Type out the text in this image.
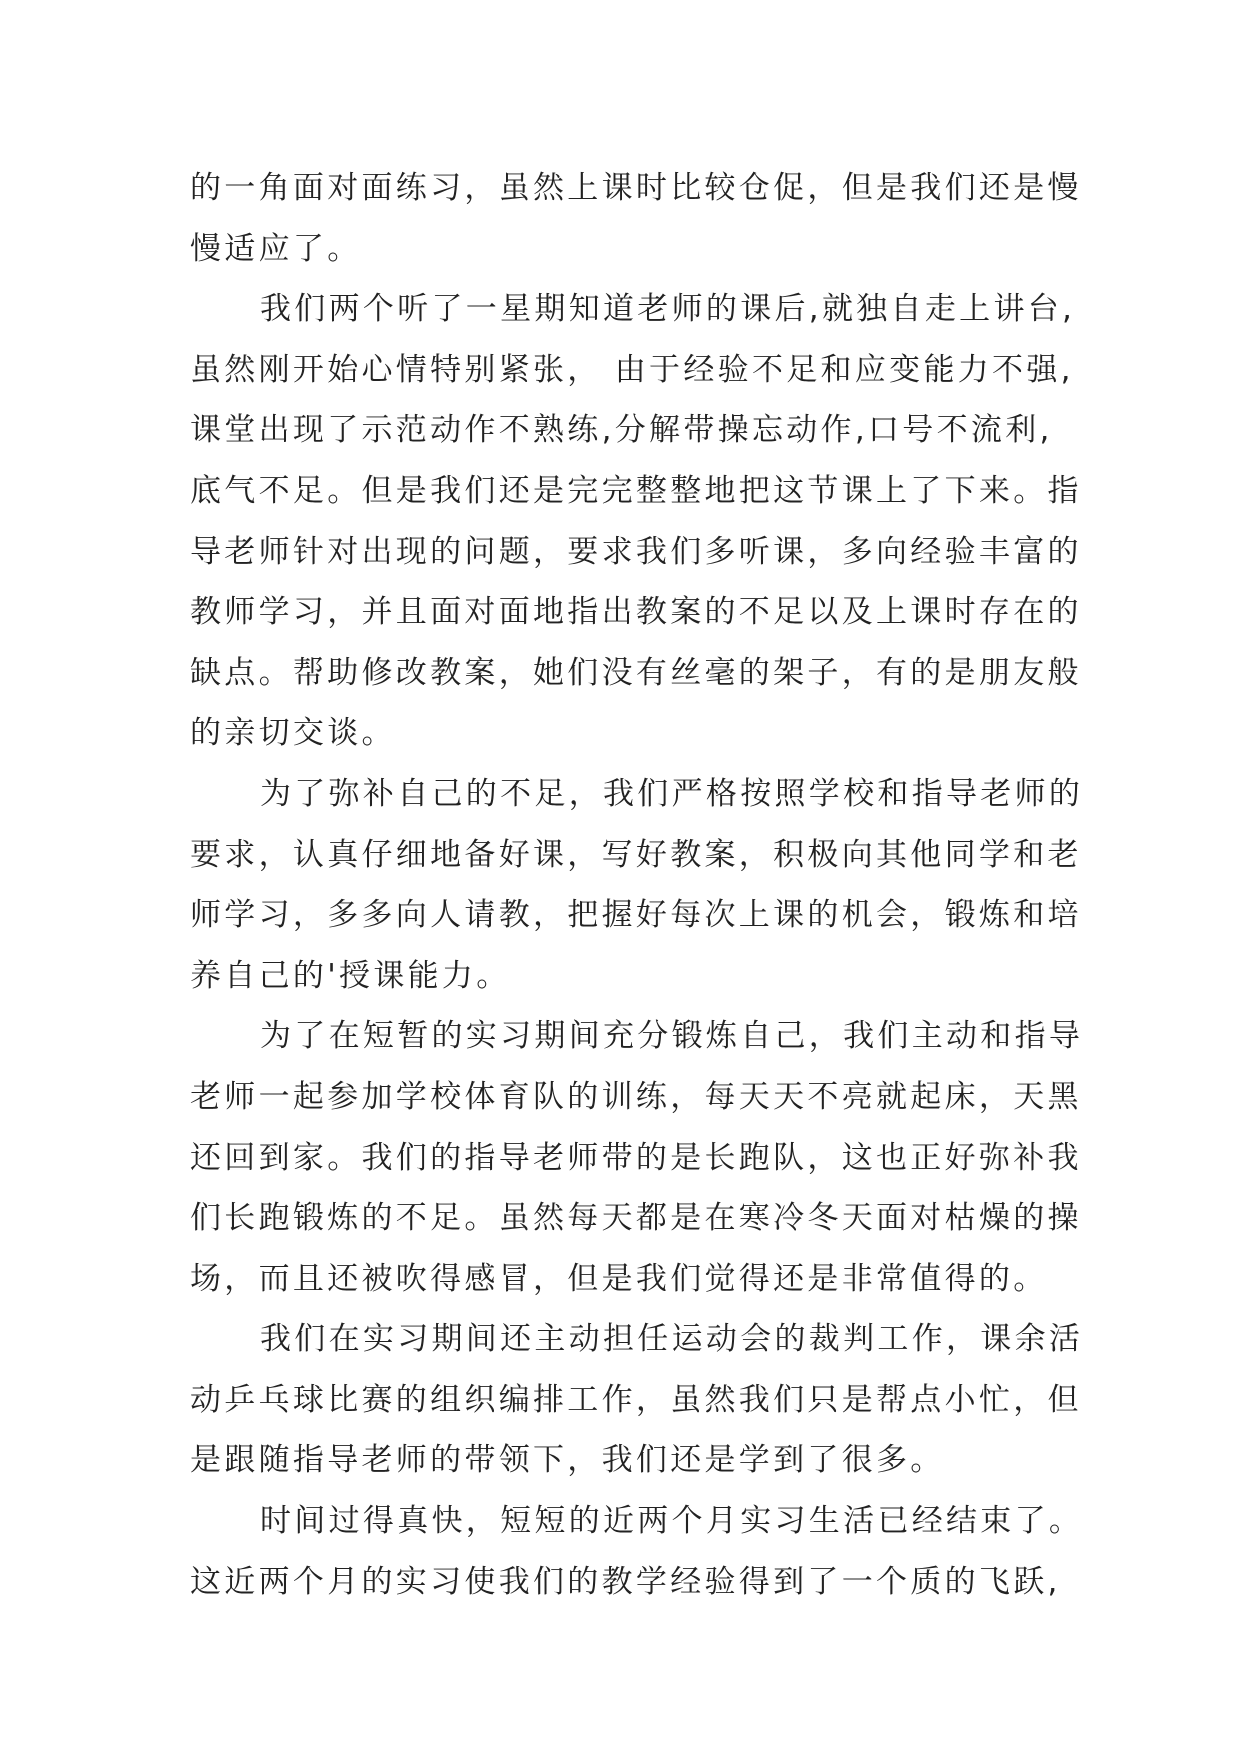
的一角面对面练习，虽然上课时比较仓促，但是我们还是慢
慢适应了。
我们两个听了一星期知道老师的课后,就独自走上讲台,
虽然刚开始心情特别紧张， 由于经验不足和应变能力不强,
课堂出现了示范动作不熟练,分解带操忘动作,口号不流利,
底气不足。但是我们还是完完整整地把这节课上了下来。指
导老师针对出现的问题，要求我们多听课，多向经验丰富的
教师学习，并且面对面地指出教案的不足以及上课时存在的
缺点。帮助修改教案，她们没有丝毫的架子，有的是朋友般
的亲切交谈。
为了弥补自己的不足，我们严格按照学校和指导老师的
要求，认真仔细地备好课，写好教案，积极向其他同学和老
师学习，多多向人请教，把握好每次上课的机会，锻炼和培
养自己的'授课能力。
为了在短暂的实习期间充分锻炼自己，我们主动和指导
老师一起参加学校体育队的训练，每天天不亮就起床，天黑
还回到家。我们的指导老师带的是长跑队，这也正好弥补我
们长跑锻炼的不足。虽然每天都是在寒冷冬天面对枯燥的操
场，而且还被吹得感冒，但是我们觉得还是非常值得的。
我们在实习期间还主动担任运动会的裁判工作，课余活
动乒乓球比赛的组织编排工作，虽然我们只是帮点小忙，但
是跟随指导老师的带领下，我们还是学到了很多。
时间过得真快，短短的近两个月实习生活已经结束了。
这近两个月的实习使我们的教学经验得到了一个质的飞跃,
